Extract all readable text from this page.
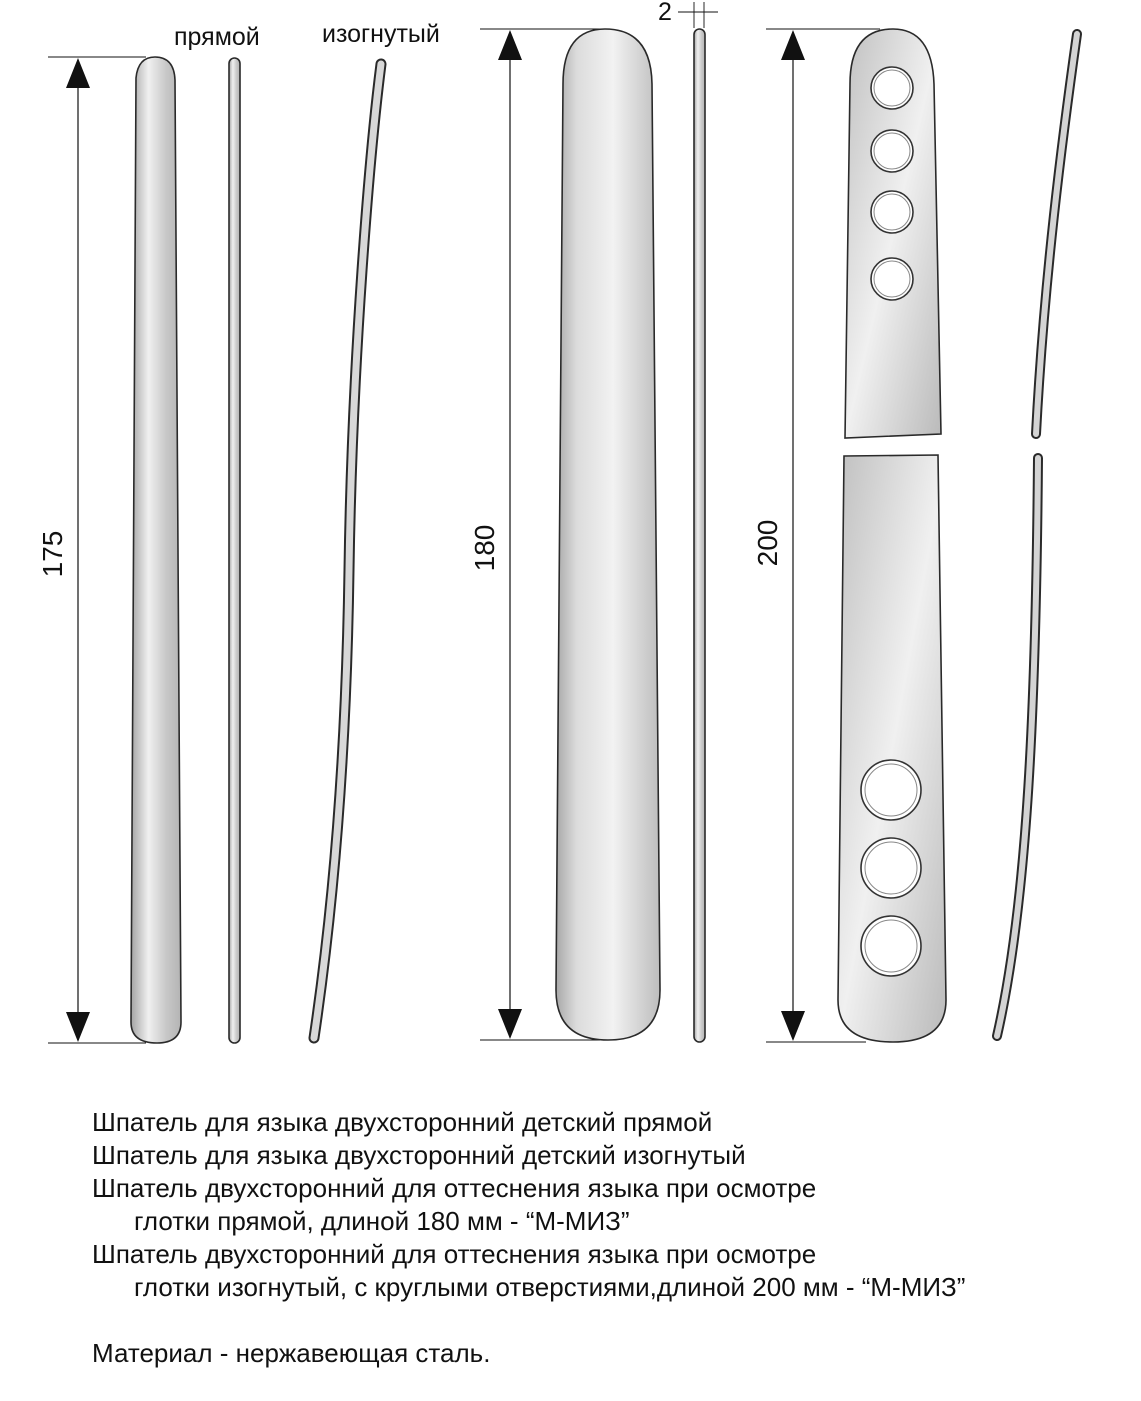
175
прямой изогнутый
180
2
200
Шпатель для языка двухсторонний детский прямой
Шпатель для языка двухсторонний детский изогнутый
Шпатель двухсторонний для оттеснения языка при осмотре
глотки прямой, длиной 180 мм - “М-МИЗ”
Шпатель двухсторонний для оттеснения языка при осмотре
глотки изогнутый, с круглыми отверстиями,длиной 200 мм - “М-МИЗ”
Материал - нержавеющая сталь.
